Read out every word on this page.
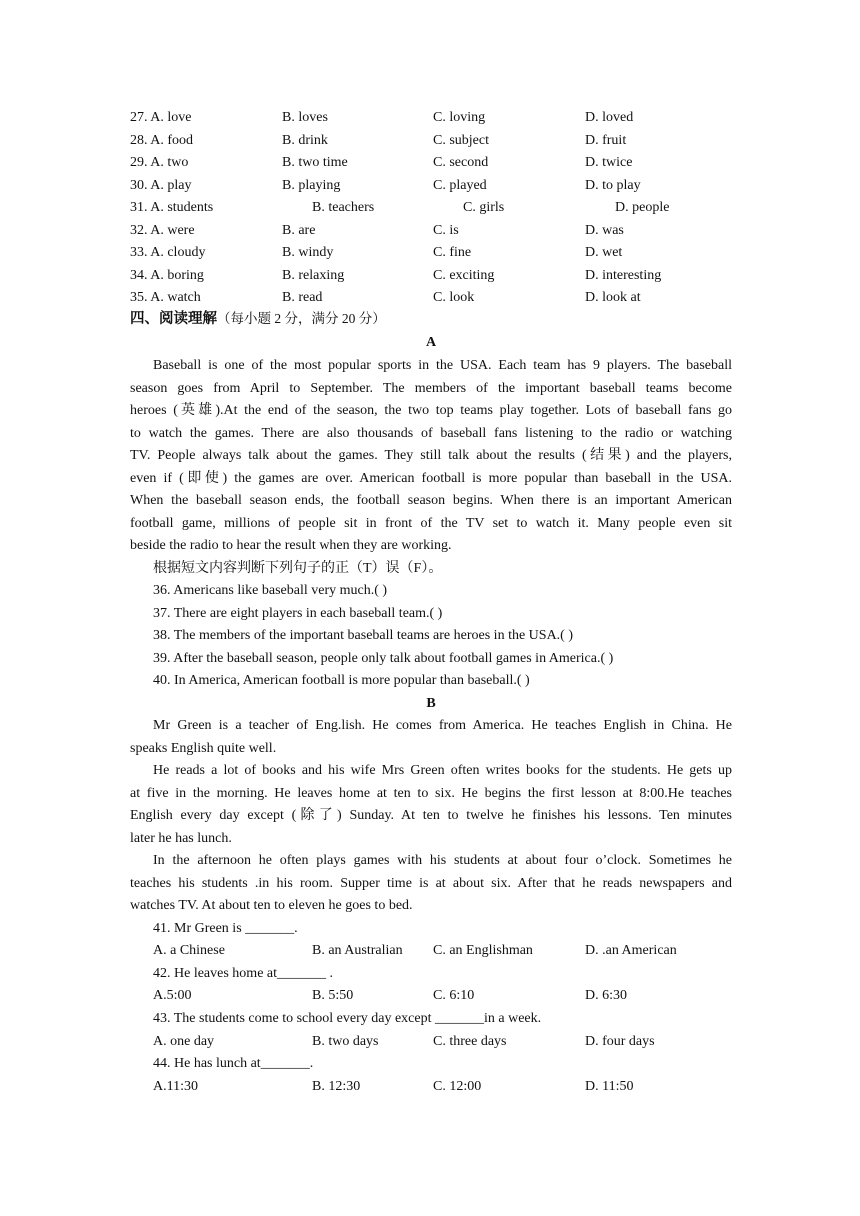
27. A. love	B. loves	C. loving	D. loved
28. A. food	B. drink	C. subject	D. fruit
29. A. two	B. two time	C. second	D. twice
30. A. play	B. playing	C. played	D. to play
31. A. students	B. teachers	C. girls	D. people
32. A. were	B. are	C. is	D. was
33. A. cloudy	B. windy	C. fine	D. wet
34. A. boring	B. relaxing	C. exciting	D. interesting
35. A. watch	B. read	C. look	D. look at
四、阅读理解（每小题 2 分，满分 20 分）
A
Baseball is one of the most popular sports in the USA. Each team has 9 players. The baseball
season goes from April to September. The members of the important baseball teams become
heroes (英雄).At the end of the season, the two top teams play together. Lots of baseball fans go
to watch the games. There are also thousands of baseball fans listening to the radio or watching
TV. People always talk about the games. They still talk about the results (结果) and the players,
even if (即使) the games are over. American football is more popular than baseball in the USA.
When the baseball season ends, the football season begins. When there is an important American
football game, millions of people sit in front of the TV set to watch it. Many people even sit
beside the radio to hear the result when they are working.
根据短文内容判断下列句子的正（T）误（F）。
36. Americans like baseball very much.( )
37. There are eight players in each baseball team.( )
38. The members of the important baseball teams are heroes in the USA.( )
39. After the baseball season, people only talk about football games in America.( )
40. In America, American football is more popular than baseball.( )
B
Mr Green is a teacher of Eng.lish. He comes from America. He teaches English in China. He
speaks English quite well.
He reads a lot of books and his wife Mrs Green often writes books for the students. He gets up
at five in the morning. He leaves home at ten to six. He begins the first lesson at 8:00.He teaches
English every day except (除了) Sunday. At ten to twelve he finishes his lessons. Ten minutes
later he has lunch.
In the afternoon he often plays games with his students at about four o’clock. Sometimes he
teaches his students .in his room. Supper time is at about six. After that he reads newspapers and
watches TV. At about ten to eleven he goes to bed.
41. Mr Green is _______.
A. a Chinese	B. an Australian C. an Englishman	D. .an American
42. He leaves home at_______ .
A.5:00	B. 5:50	C. 6:10	D. 6:30
43. The students come to school every day except _______in a week.
A. one day	B. two days	C. three days	D. four days
44. He has lunch at_______.
A.11:30	B. 12:30	C. 12:00	D. 11:50
